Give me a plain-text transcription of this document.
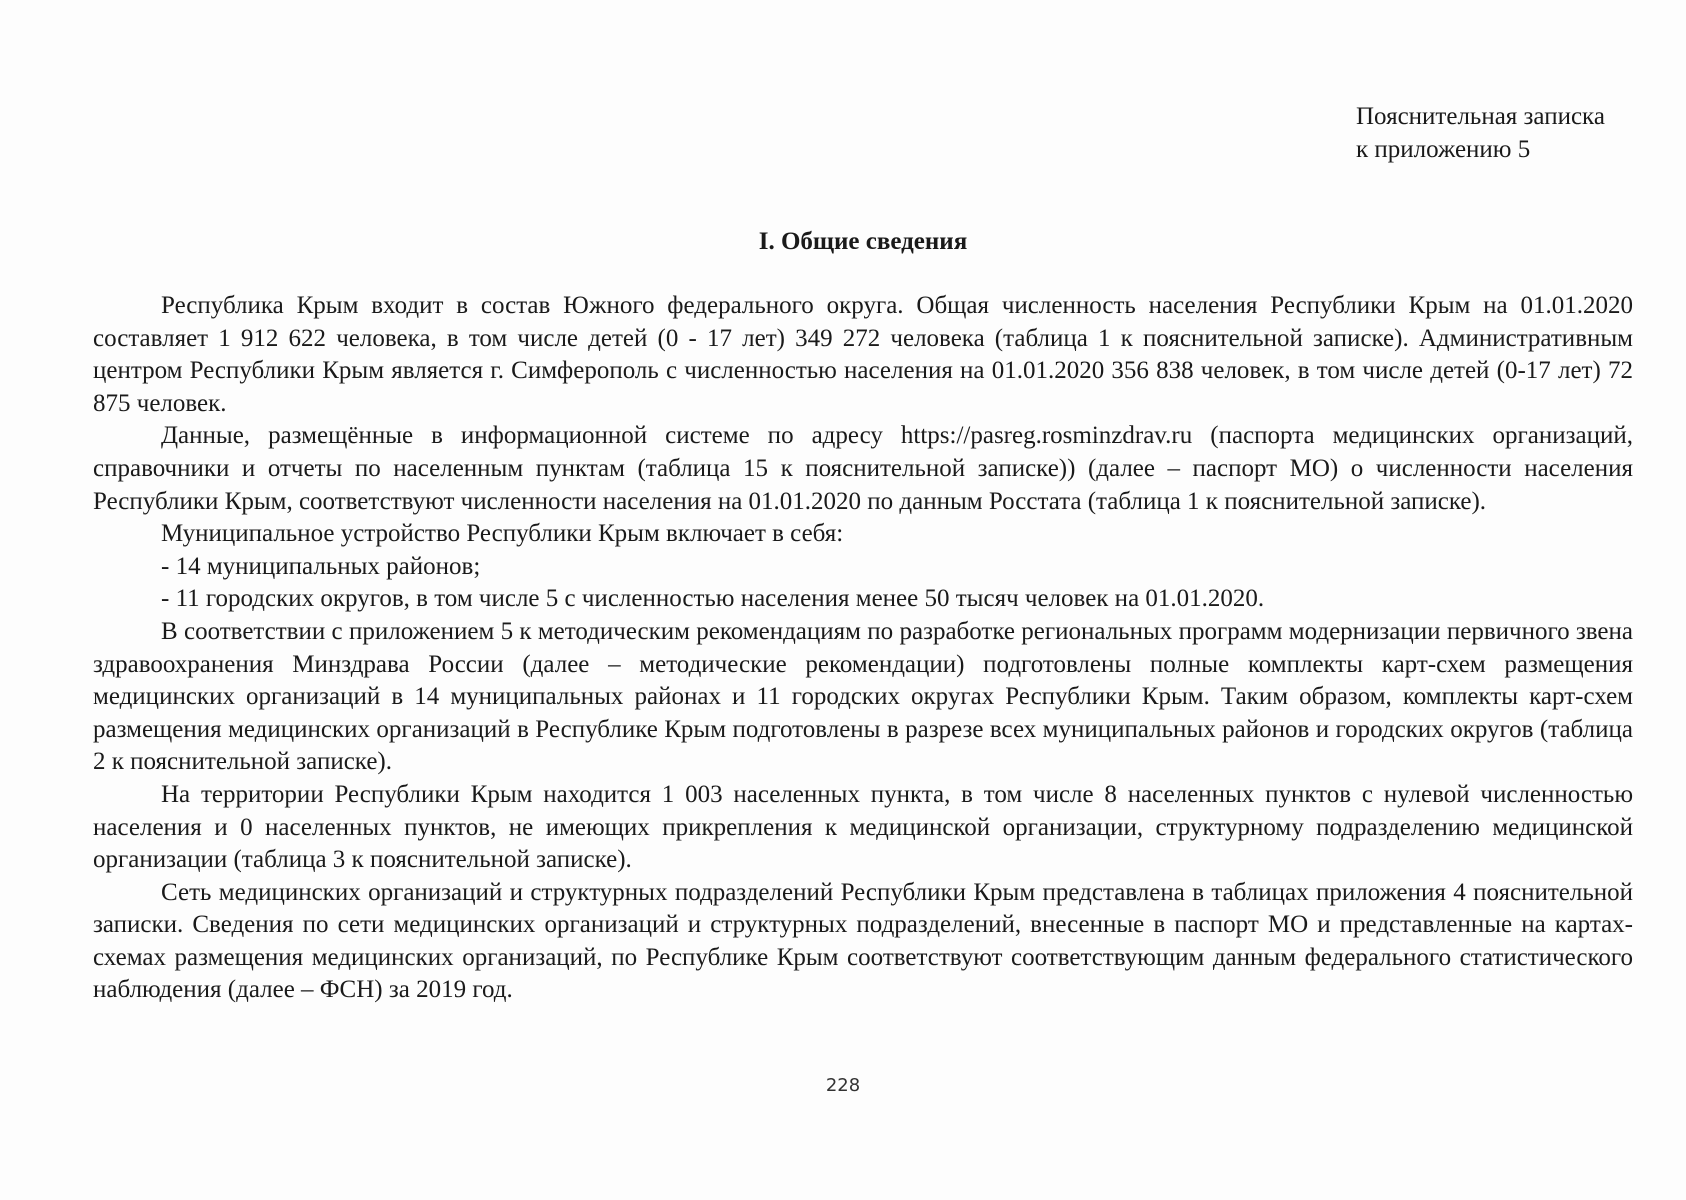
Пояснительная записка
к приложению 5
I. Общие сведения

Республика Крым входит в состав Южного федерального округа. Общая численность населения Республики Крым на 01.01.2020 составляет 1 912 622 человека, в том числе детей (0 - 17 лет) 349 272 человека (таблица 1 к пояснительной записке). Административным центром Республики Крым является г. Симферополь с численностью населения на 01.01.2020 356 838 человек, в том числе детей (0-17 лет) 72 875 человек.

Данные, размещённые в информационной системе по адресу https://pasreg.rosminzdrav.ru (паспорта медицинских организаций, справочники и отчеты по населенным пунктам (таблица 15 к пояснительной записке)) (далее – паспорт МО) о численности населения Республики Крым, соответствуют численности населения на 01.01.2020 по данным Росстата (таблица 1 к пояснительной записке).

Муниципальное устройство Республики Крым включает в себя:

- 14 муниципальных районов;

- 11 городских округов, в том числе 5 с численностью населения менее 50 тысяч человек на 01.01.2020.

В соответствии с приложением 5 к методическим рекомендациям по разработке региональных программ модернизации первичного звена здравоохранения Минздрава России (далее – методические рекомендации) подготовлены полные комплекты карт-схем размещения медицинских организаций в 14 муниципальных районах и 11 городских округах Республики Крым. Таким образом, комплекты карт-схем размещения медицинских организаций в Республике Крым подготовлены в разрезе всех муниципальных районов и городских округов (таблица 2 к пояснительной записке).

На территории Республики Крым находится 1 003 населенных пункта, в том числе 8 населенных пунктов с нулевой численностью населения и 0 населенных пунктов, не имеющих прикрепления к медицинской организации, структурному подразделению медицинской организации (таблица 3 к пояснительной записке).

Сеть медицинских организаций и структурных подразделений Республики Крым представлена в таблицах приложения 4 пояснительной записки. Сведения по сети медицинских организаций и структурных подразделений, внесенные в паспорт МО и представленные на картах-схемах размещения медицинских организаций, по Республике Крым соответствуют соответствующим данным федерального статистического наблюдения (далее – ФСН) за 2019 год.

228
